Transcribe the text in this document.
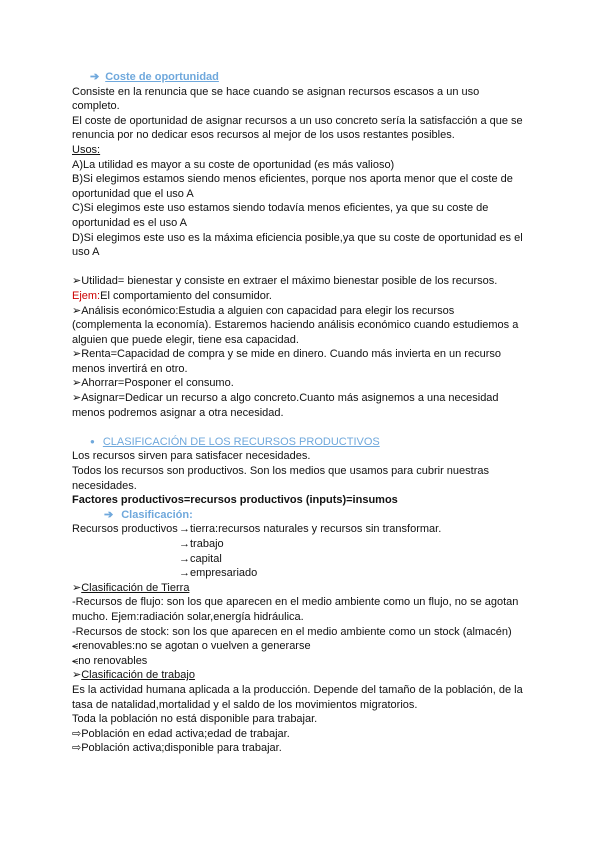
➔ Coste de oportunidad

Consiste en la renuncia que se hace cuando se asignan recursos escasos a un uso

completo.

El coste de oportunidad de asignar recursos a un uso concreto sería la satisfacción a que se

renuncia por no dedicar esos recursos al mejor de los usos restantes posibles.

Usos:

A)La utilidad es mayor a su coste de oportunidad (es más valioso)

B)Si elegimos estamos siendo menos eficientes, porque nos aporta menor que el coste de

oportunidad que el uso A

C)Si elegimos este uso estamos siendo todavía menos eficientes, ya que su coste de

oportunidad es el uso A

D)Si elegimos este uso es la máxima eficiencia posible,ya que su coste de oportunidad es el

uso A

➢Utilidad= bienestar y consiste en extraer el máximo bienestar posible de los recursos.

Ejem:El comportamiento del consumidor.

➢Análisis económico:Estudia a alguien con capacidad para elegir los recursos

(complementa la economía). Estaremos haciendo análisis económico cuando estudiemos a

alguien que puede elegir, tiene esa capacidad.

➢Renta=Capacidad de compra y se mide en dinero. Cuando más invierta en un recurso

menos invertirá en otro.

➢Ahorrar=Posponer el consumo.

➢Asignar=Dedicar un recurso a algo concreto.Cuanto más asignemos a una necesidad

menos podremos asignar a otra necesidad.

● CLASIFICACIÓN DE LOS RECURSOS PRODUCTIVOS

Los recursos sirven para satisfacer necesidades.

Todos los recursos son productivos. Son los medios que usamos para cubrir nuestras

necesidades.

Factores productivos=recursos productivos (inputs)=insumos

➔ Clasificación:

Recursos productivos→tierra:recursos naturales y recursos sin transformar.

→trabajo

→capital

→empresariado

➢Clasificación de Tierra

-Recursos de flujo: son los que aparecen en el medio ambiente como un flujo, no se agotan

mucho. Ejem:radiación solar,energía hidráulica.

-Recursos de stock: son los que aparecen en el medio ambiente como un stock (almacén)

⪪renovables:no se agotan o vuelven a generarse

⪪no renovables

➢Clasificación de trabajo

Es la actividad humana aplicada a la producción. Depende del tamaño de la población, de la

tasa de natalidad,mortalidad y el saldo de los movimientos migratorios.

Toda la población no está disponible para trabajar.

⇨Población en edad activa;edad de trabajar.

⇨Población activa;disponible para trabajar.
